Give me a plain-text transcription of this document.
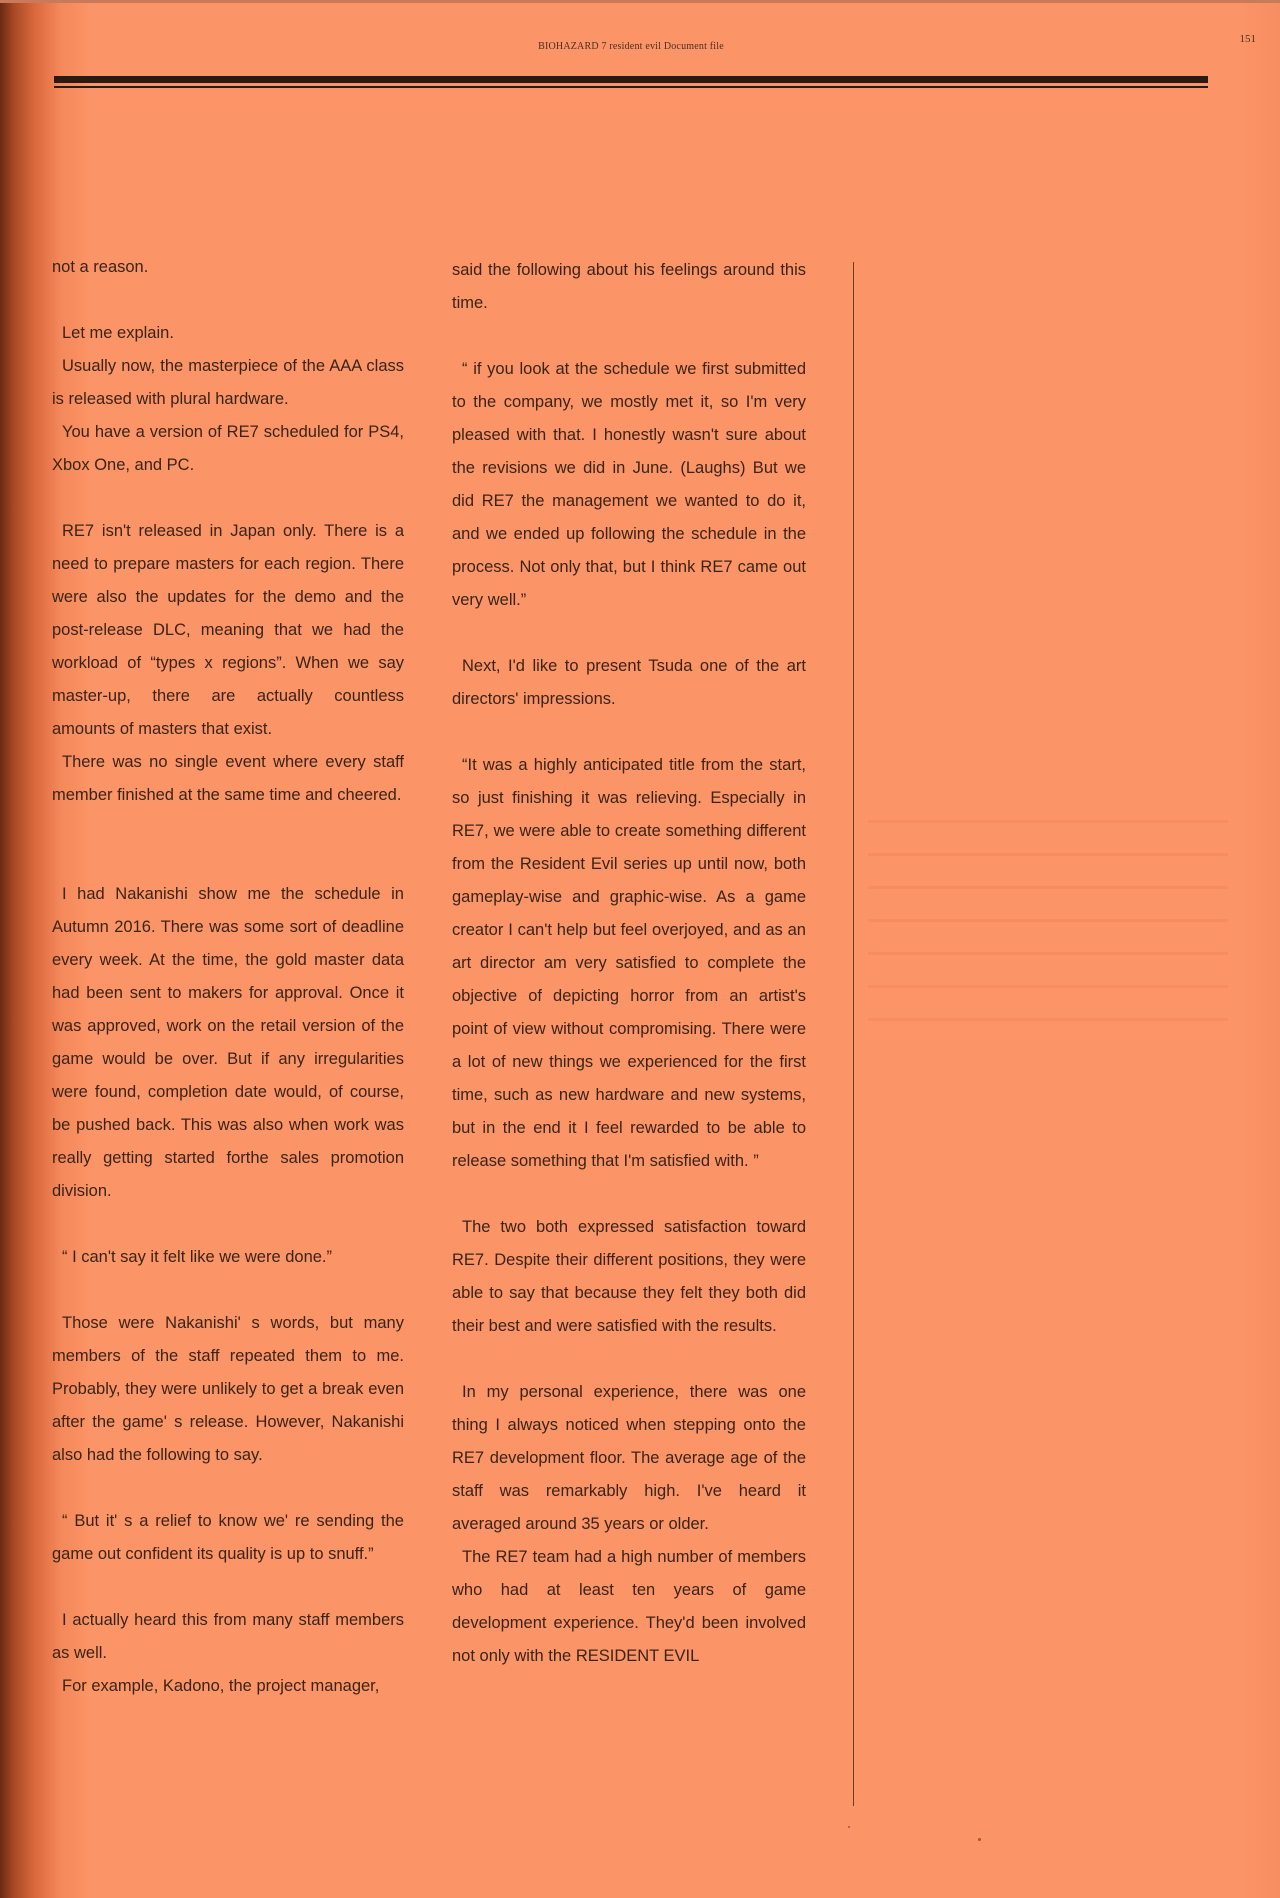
BIOHAZARD 7 resident evil Document file
151

not a reason.

Let me explain.

Usually now, the masterpiece of the AAA class is released with plural hardware.

You have a version of RE7 scheduled for PS4, Xbox One, and PC.

RE7 isn't released in Japan only. There is a need to prepare masters for each region. There were also the updates for the demo and the post-release DLC, meaning that we had the workload of “types x regions”. When we say master-up, there are actually countless amounts of masters that exist.

There was no single event where every staff member finished at the same time and cheered.

I had Nakanishi show me the schedule in Autumn 2016. There was some sort of deadline every week. At the time, the gold master data had been sent to makers for approval. Once it was approved, work on the retail version of the game would be over. But if any irregularities were found, completion date would, of course, be pushed back. This was also when work was really getting started forthe sales promotion division.

“ I can't say it felt like we were done.”

Those were Nakanishi' s words, but many members of the staff repeated them to me. Probably, they were unlikely to get a break even after the game' s release. However, Nakanishi also had the following to say.

“ But it' s a relief to know we' re sending the game out confident its quality is up to snuff.”

I actually heard this from many staff members as well.

For example, Kadono, the project manager,

said the following about his feelings around this time.

“ if you look at the schedule we first submitted to the company, we mostly met it, so I'm very pleased with that. I honestly wasn't sure about the revisions we did in June. (Laughs) But we did RE7 the management we wanted to do it, and we ended up following the schedule in the process. Not only that, but I think RE7 came out very well.”

Next, I'd like to present Tsuda one of the art directors' impressions.

“It was a highly anticipated title from the start, so just finishing it was relieving. Especially in RE7, we were able to create something different from the Resident Evil series up until now, both gameplay-wise and graphic-wise. As a game creator I can't help but feel overjoyed, and as an art director am very satisfied to complete the objective of depicting horror from an artist's point of view without compromising. There were a lot of new things we experienced for the first time, such as new hardware and new systems, but in the end it I feel rewarded to be able to release something that I'm satisfied with. ”

The two both expressed satisfaction toward RE7. Despite their different positions, they were able to say that because they felt they both did their best and were satisfied with the results.

In my personal experience, there was one thing I always noticed when stepping onto the RE7 development floor. The average age of the staff was remarkably high. I've heard it averaged around 35 years or older.

The RE7 team had a high number of members who had at least ten years of game development experience. They'd been involved not only with the RESIDENT EVIL
